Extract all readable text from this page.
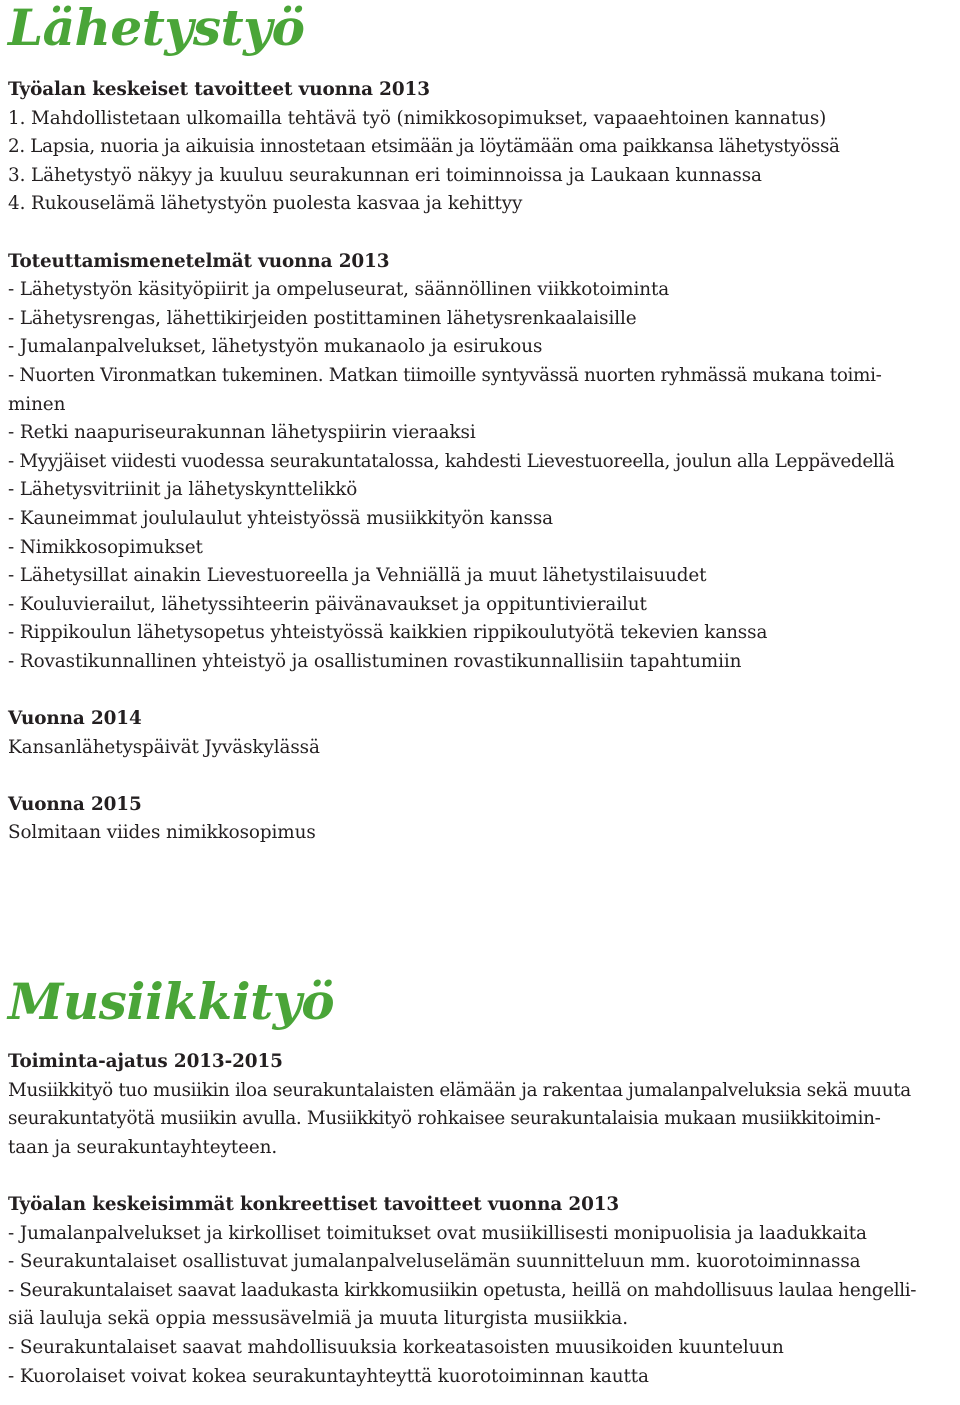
Lähetystyö
Työalan keskeiset tavoitteet vuonna 2013
1. Mahdollistetaan ulkomailla tehtävä työ (nimikkosopimukset, vapaaehtoinen kannatus)
2. Lapsia, nuoria ja aikuisia innostetaan etsimään ja löytämään oma paikkansa lähetystyössä
3. Lähetystyö näkyy ja kuuluu seurakunnan eri toiminnoissa ja Laukaan kunnassa
4. Rukouselämä lähetystyön puolesta kasvaa ja kehittyy
Toteuttamismenetelmät vuonna 2013
- Lähetystyön käsityöpiirit ja ompeluseurat, säännöllinen viikkotoiminta
- Lähetysrengas, lähettikirjeiden postittaminen lähetysrenkaalaisille
- Jumalanpalvelukset, lähetystyön mukanaolo ja esirukous
- Nuorten Vironmatkan tukeminen. Matkan tiimoille syntyvässä nuorten ryhmässä mukana toimi-
minen
- Retki naapuriseurakunnan lähetyspiirin vieraaksi
- Myyjäiset viidesti vuodessa seurakuntatalossa, kahdesti Lievestuoreella, joulun alla Leppävedellä
- Lähetysvitriinit ja lähetyskynttelikkö
- Kauneimmat joululaulut yhteistyössä musiikkityön kanssa
- Nimikkosopimukset
- Lähetysillat ainakin Lievestuoreella ja Vehniällä ja muut lähetystilaisuudet
- Kouluvierailut, lähetyssihteerin päivänavaukset ja oppituntivierailut
- Rippikoulun lähetysopetus yhteistyössä kaikkien rippikoulutyötä tekevien kanssa
- Rovastikunnallinen yhteistyö ja osallistuminen rovastikunnallisiin tapahtumiin
Vuonna 2014
Kansanlähetyspäivät Jyväskylässä
Vuonna 2015
Solmitaan viides nimikkosopimus
Musiikkityö
Toiminta-ajatus 2013-2015
Musiikkityö tuo musiikin iloa seurakuntalaisten elämään ja rakentaa jumalanpalveluksia sekä muuta
seurakuntatyötä musiikin avulla. Musiikkityö rohkaisee seurakuntalaisia mukaan musiikkitoimin-
taan ja seurakuntayhteyteen.
Työalan keskeisimmät konkreettiset tavoitteet vuonna 2013
- Jumalanpalvelukset ja kirkolliset toimitukset ovat musiikillisesti monipuolisia ja laadukkaita
- Seurakuntalaiset osallistuvat jumalanpalveluselämän suunnitteluun mm. kuorotoiminnassa
- Seurakuntalaiset saavat laadukasta kirkkomusiikin opetusta, heillä on mahdollisuus laulaa hengelli-
siä lauluja sekä oppia messusävelmiä ja muuta liturgista musiikkia.
- Seurakuntalaiset saavat mahdollisuuksia korkeatasoisten muusikoiden kuunteluun
- Kuorolaiset voivat kokea seurakuntayhteyttä kuorotoiminnan kautta
